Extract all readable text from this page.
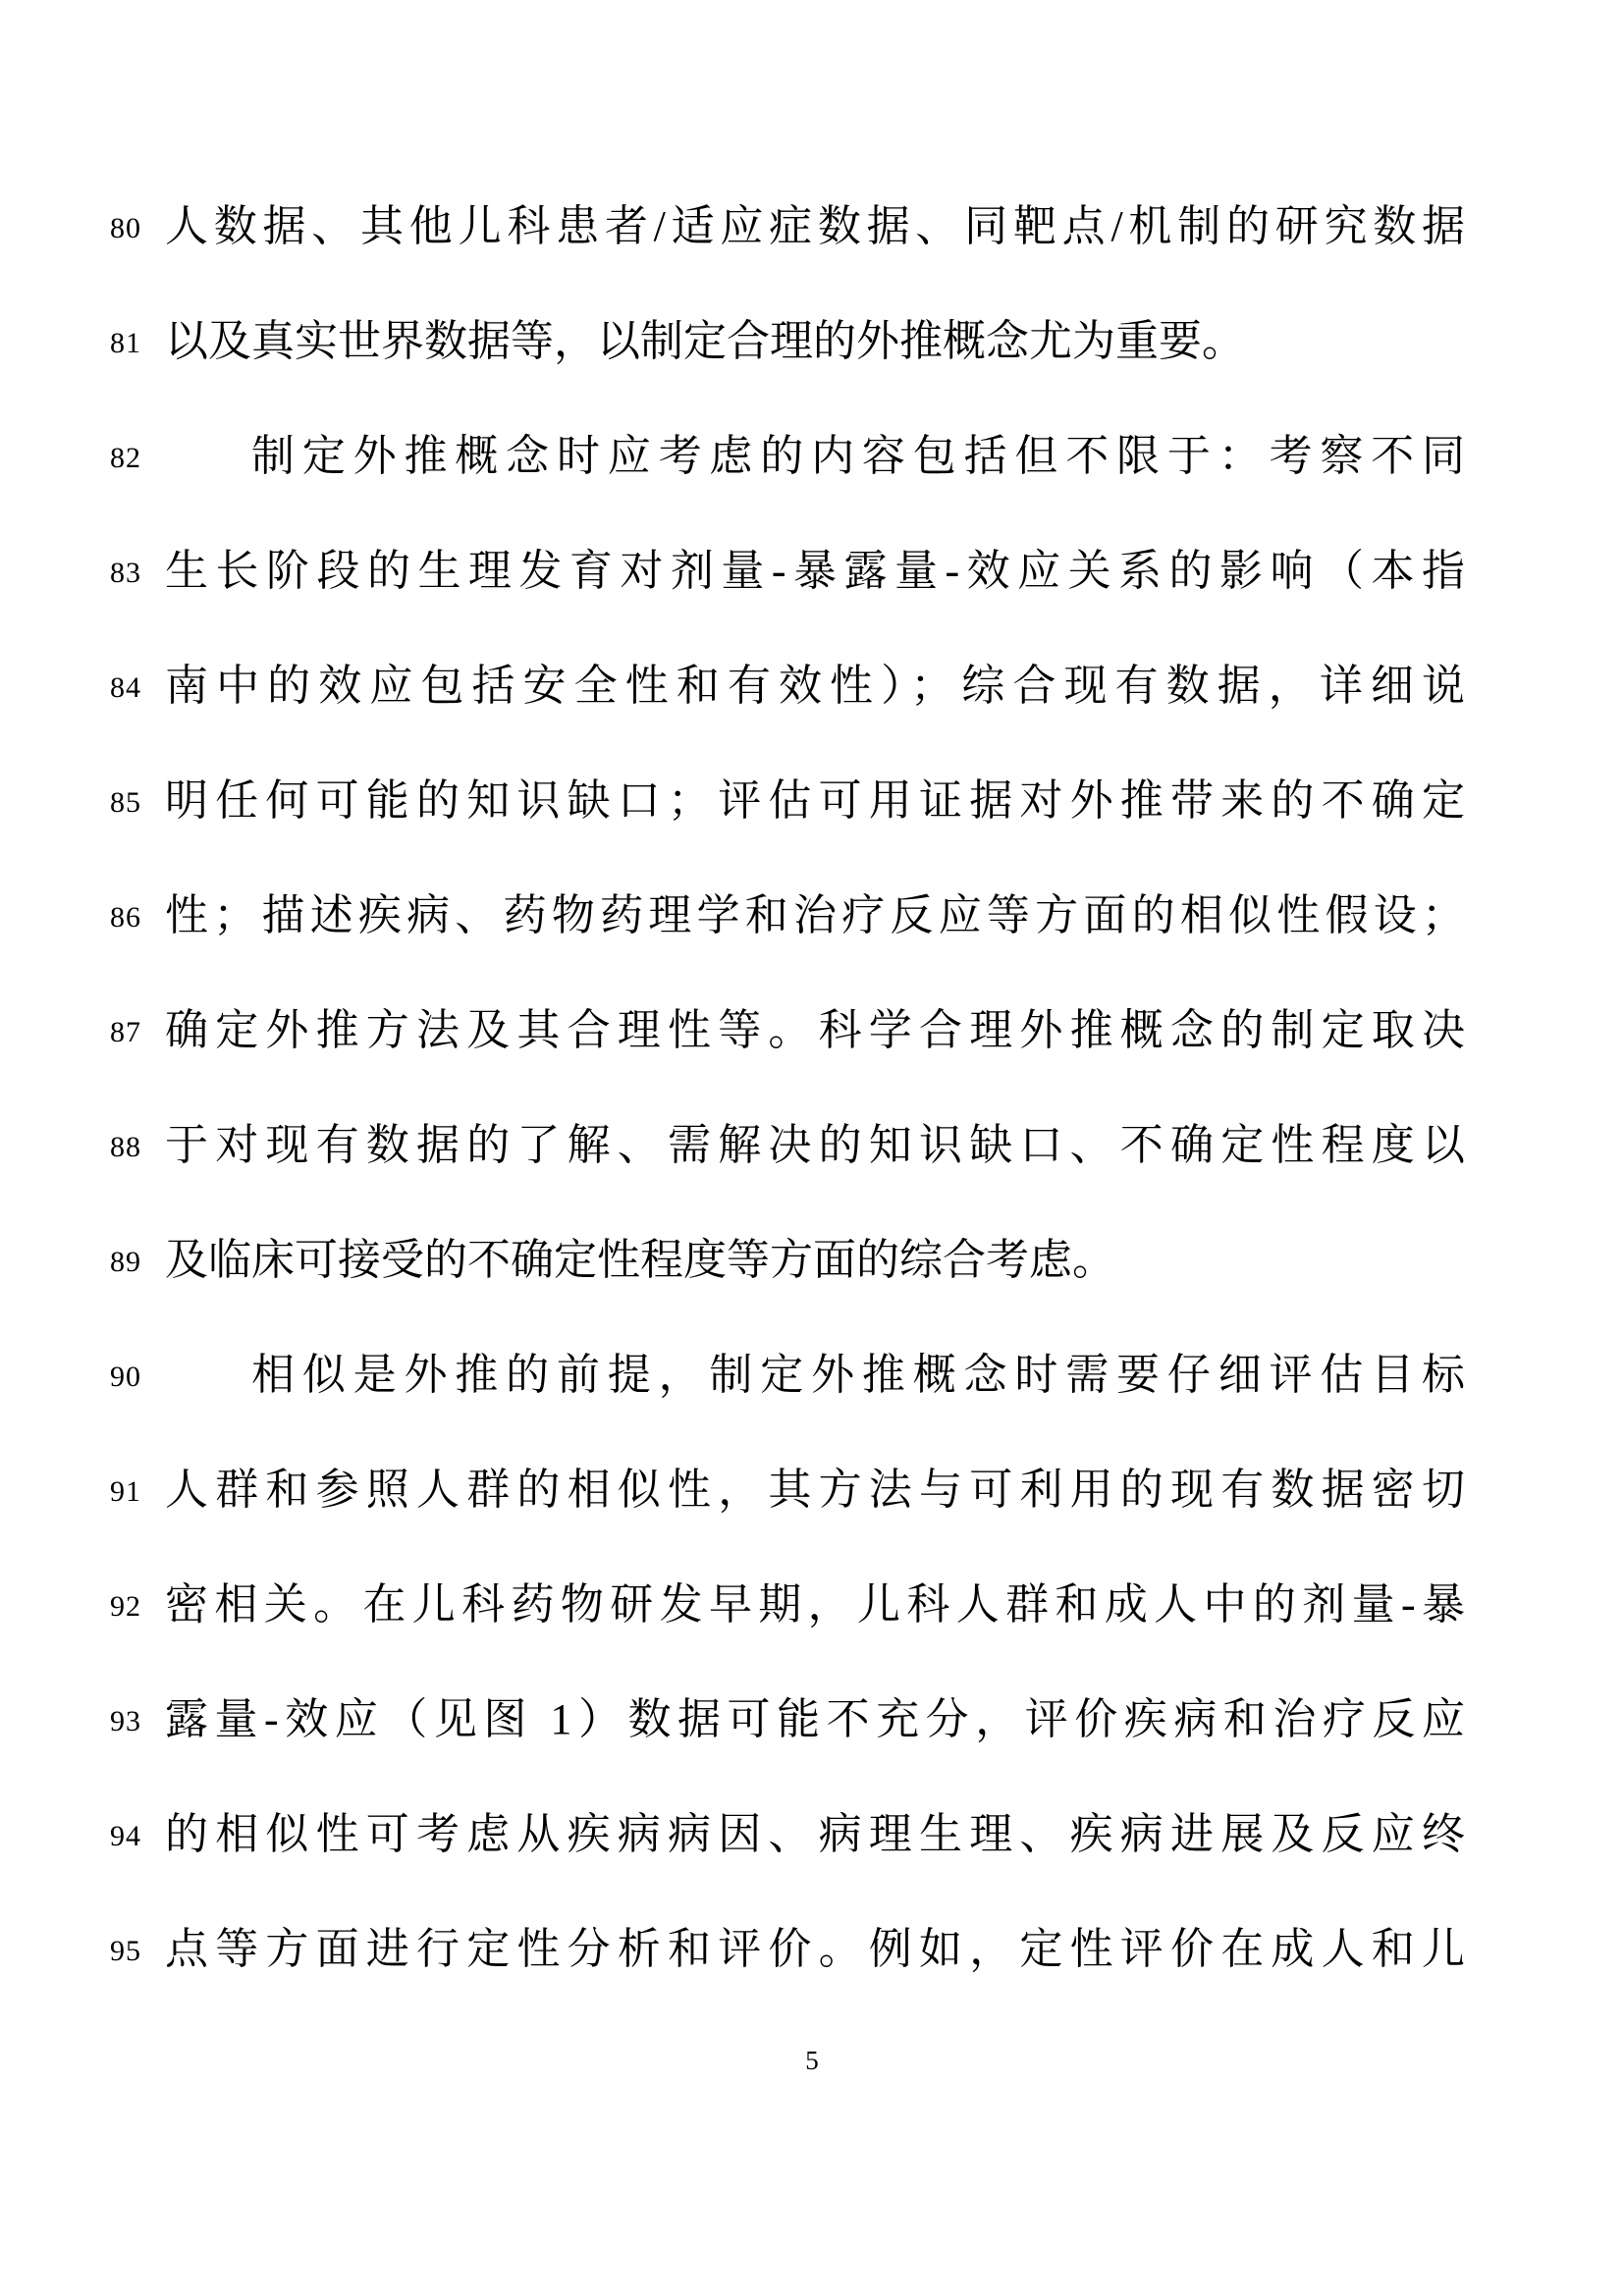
80 人数据、其他儿科患者/适应症数据、同靶点/机制的研究数据
81 以及真实世界数据等，以制定合理的外推概念尤为重要。
82	制定外推概念时应考虑的内容包括但不限于：考察不同
83 生长阶段的生理发育对剂量-暴露量-效应关系的影响（本指
84 南中的效应包括安全性和有效性）；综合现有数据，详细说
85 明任何可能的知识缺口；评估可用证据对外推带来的不确定
86 性；描述疾病、药物药理学和治疗反应等方面的相似性假设；
87 确定外推方法及其合理性等。科学合理外推概念的制定取决
88 于对现有数据的了解、需解决的知识缺口、不确定性程度以
89 及临床可接受的不确定性程度等方面的综合考虑。
90	相似是外推的前提，制定外推概念时需要仔细评估目标
91 人群和参照人群的相似性，其方法与可利用的现有数据密切
92 密相关。在儿科药物研发早期，儿科人群和成人中的剂量-暴
93 露量-效应（见图 1）数据可能不充分，评价疾病和治疗反应
94 的相似性可考虑从疾病病因、病理生理、疾病进展及反应终
95 点等方面进行定性分析和评价。例如，定性评价在成人和儿
5
